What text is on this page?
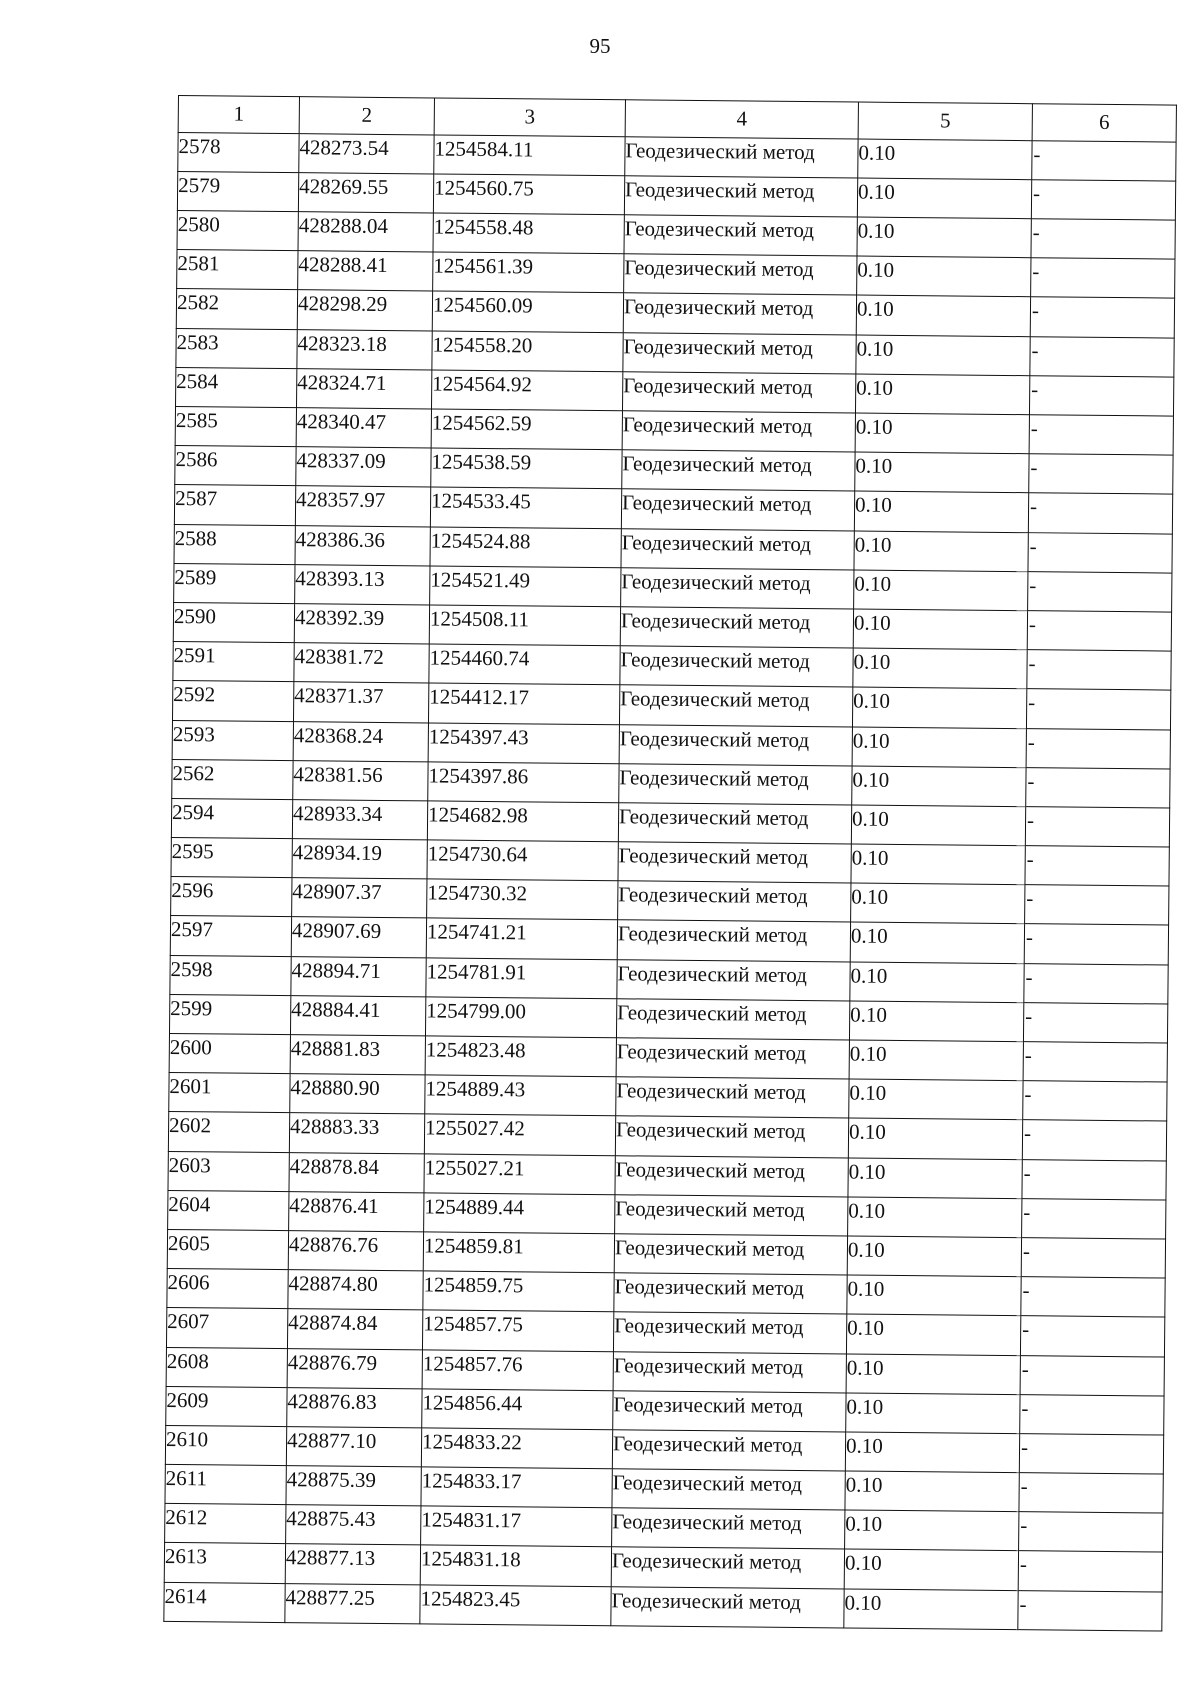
95
1	2	3	4	5	6
2578	428273.54	1254584.11	Геодезический метод	0.10	-
2579	428269.55	1254560.75	Геодезический метод	0.10	-
2580	428288.04	1254558.48	Геодезический метод	0.10	-
2581	428288.41	1254561.39	Геодезический метод	0.10	-
2582	428298.29	1254560.09	Геодезический метод	0.10	-
2583	428323.18	1254558.20	Геодезический метод	0.10	-
2584	428324.71	1254564.92	Геодезический метод	0.10	-
2585	428340.47	1254562.59	Геодезический метод	0.10	-
2586	428337.09	1254538.59	Геодезический метод	0.10	-
2587	428357.97	1254533.45	Геодезический метод	0.10	-
2588	428386.36	1254524.88	Геодезический метод	0.10	-
2589	428393.13	1254521.49	Геодезический метод	0.10	-
2590	428392.39	1254508.11	Геодезический метод	0.10	-
2591	428381.72	1254460.74	Геодезический метод	0.10	-
2592	428371.37	1254412.17	Геодезический метод	0.10	-
2593	428368.24	1254397.43	Геодезический метод	0.10	-
2562	428381.56	1254397.86	Геодезический метод	0.10	-
2594	428933.34	1254682.98	Геодезический метод	0.10	-
2595	428934.19	1254730.64	Геодезический метод	0.10	-
2596	428907.37	1254730.32	Геодезический метод	0.10	-
2597	428907.69	1254741.21	Геодезический метод	0.10	-
2598	428894.71	1254781.91	Геодезический метод	0.10	-
2599	428884.41	1254799.00	Геодезический метод	0.10	-
2600	428881.83	1254823.48	Геодезический метод	0.10	-
2601	428880.90	1254889.43	Геодезический метод	0.10	-
2602	428883.33	1255027.42	Геодезический метод	0.10	-
2603	428878.84	1255027.21	Геодезический метод	0.10	-
2604	428876.41	1254889.44	Геодезический метод	0.10	-
2605	428876.76	1254859.81	Геодезический метод	0.10	-
2606	428874.80	1254859.75	Геодезический метод	0.10	-
2607	428874.84	1254857.75	Геодезический метод	0.10	-
2608	428876.79	1254857.76	Геодезический метод	0.10	-
2609	428876.83	1254856.44	Геодезический метод	0.10	-
2610	428877.10	1254833.22	Геодезический метод	0.10	-
2611	428875.39	1254833.17	Геодезический метод	0.10	-
2612	428875.43	1254831.17	Геодезический метод	0.10	-
2613	428877.13	1254831.18	Геодезический метод	0.10	-
2614	428877.25	1254823.45	Геодезический метод	0.10	-
